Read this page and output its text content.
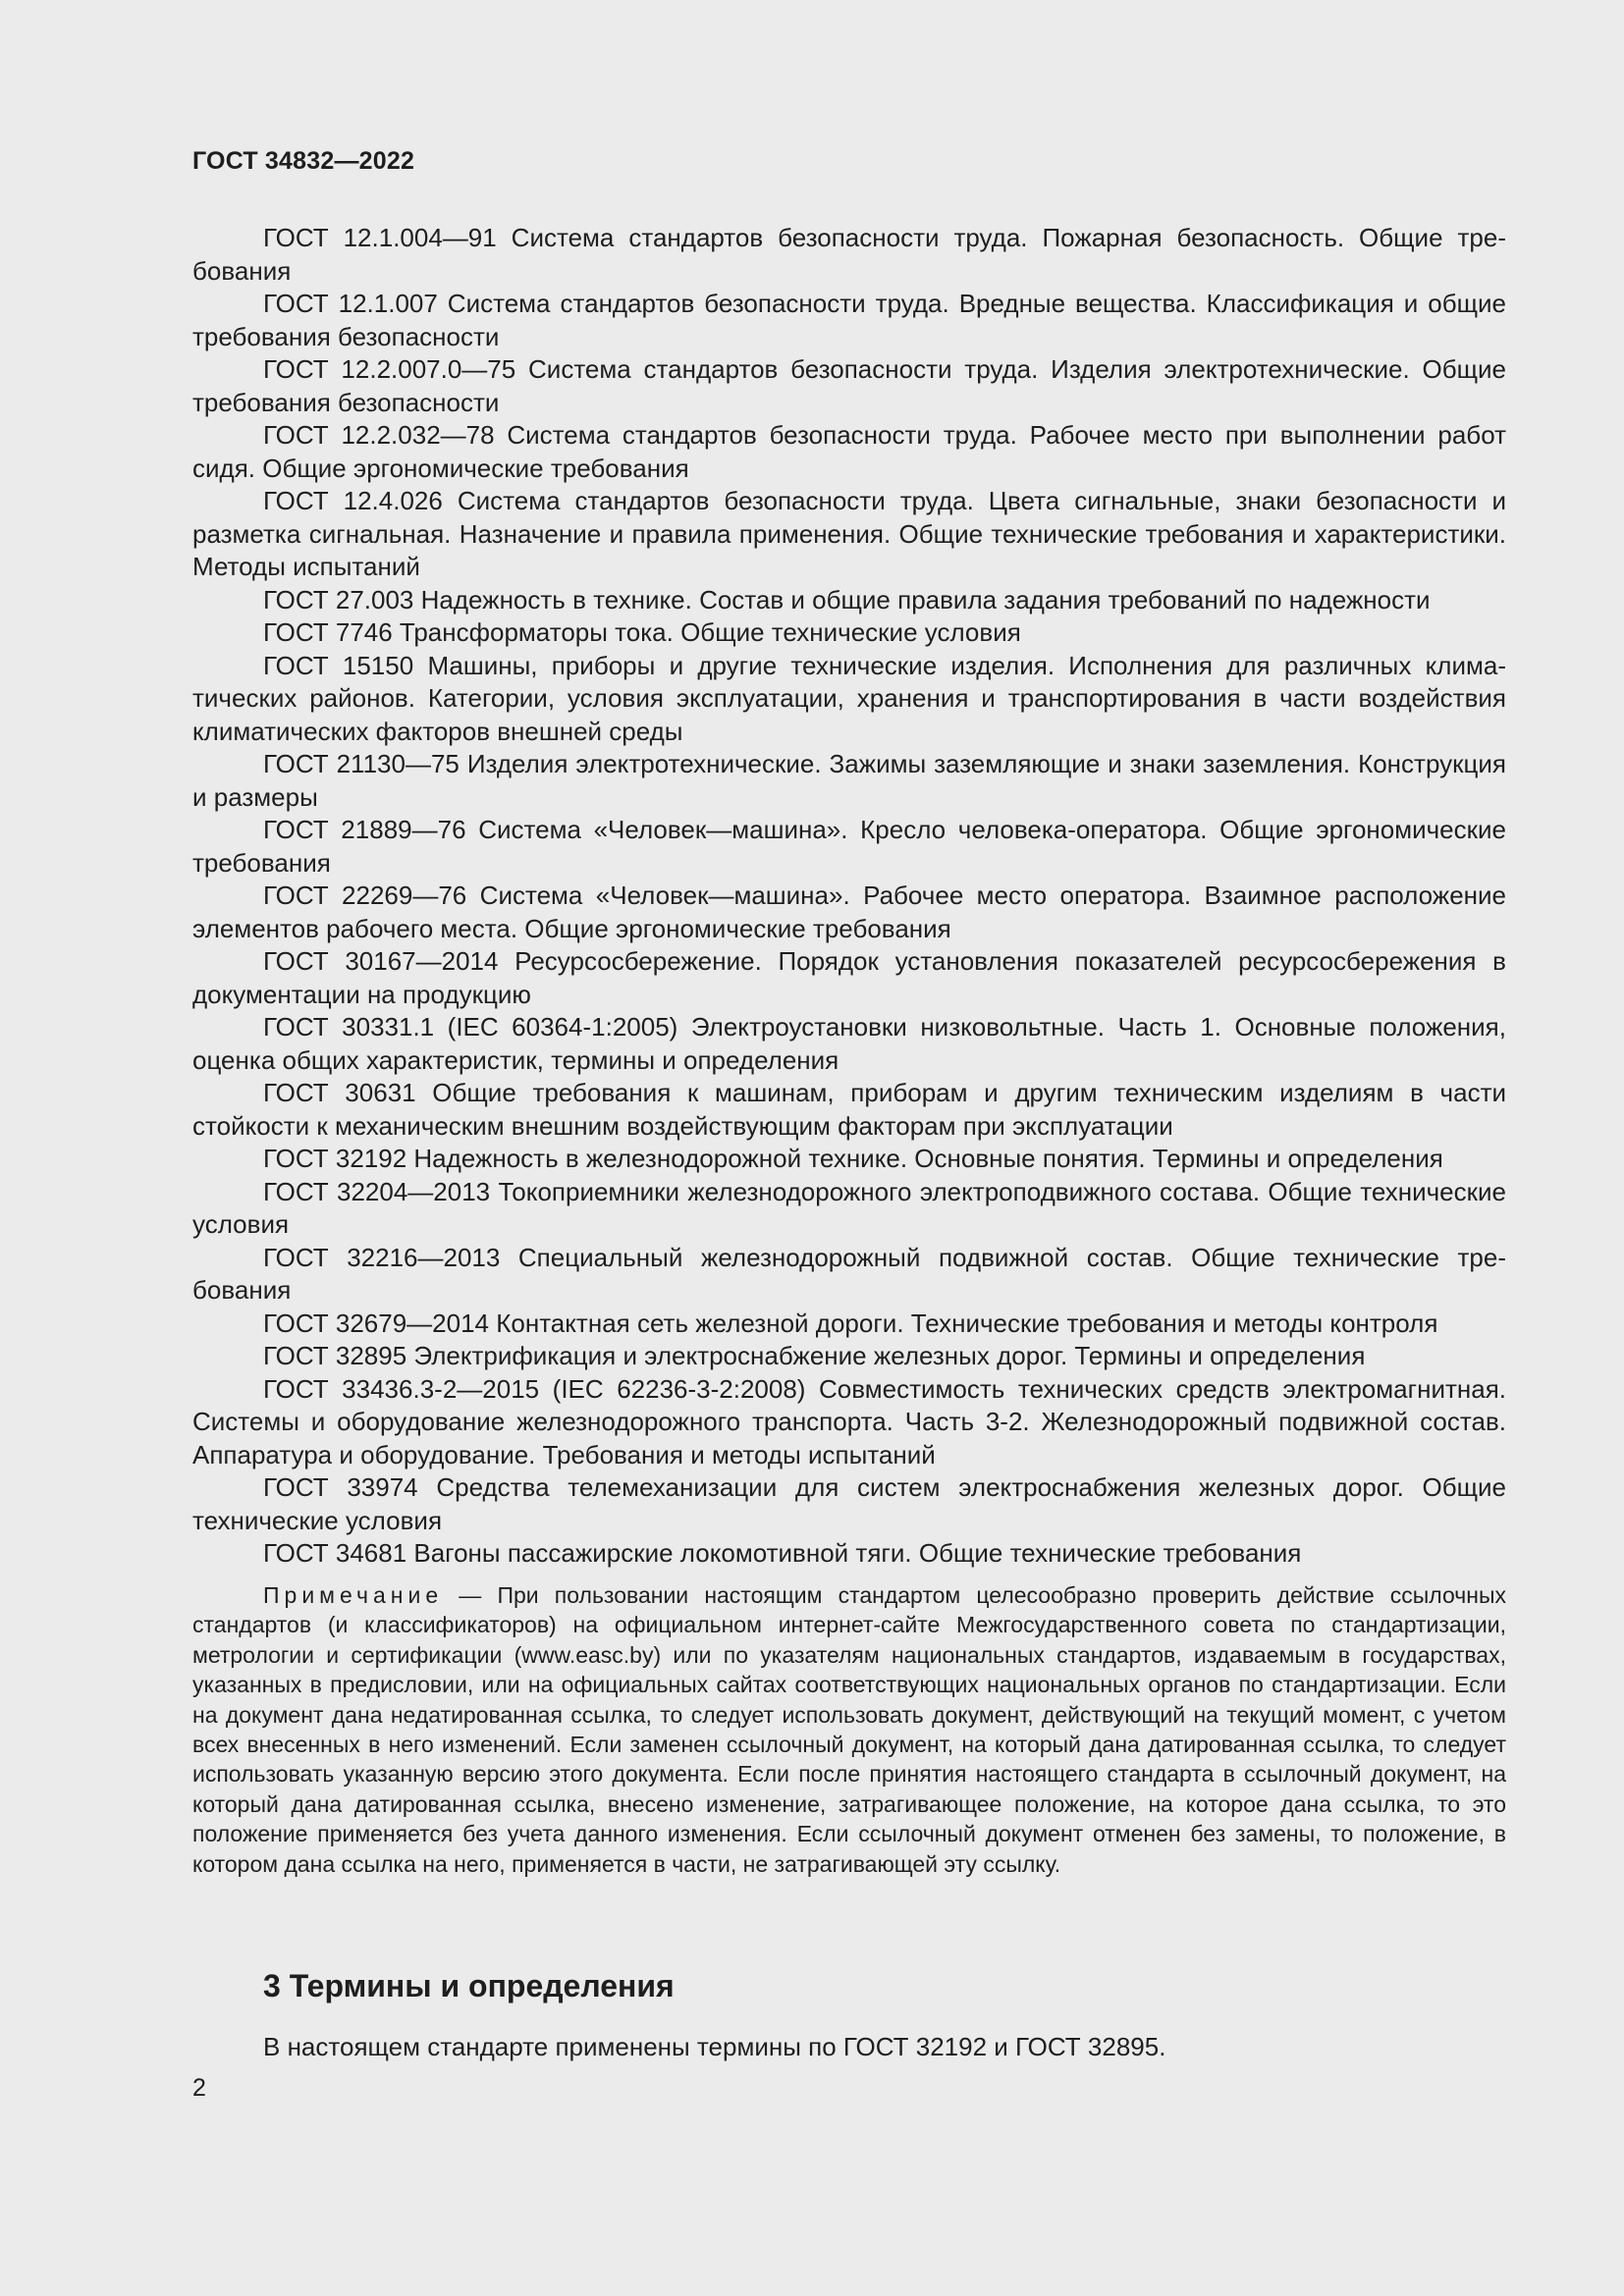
ГОСТ 34832—2022

ГОСТ 12.1.004—91 Система стандартов безопасности труда. Пожарная безопасность. Общие требования

ГОСТ 12.1.007 Система стандартов безопасности труда. Вредные вещества. Классификация и общие требования безопасности

ГОСТ 12.2.007.0—75 Система стандартов безопасности труда. Изделия электротехнические. Общие требования безопасности

ГОСТ 12.2.032—78 Система стандартов безопасности труда. Рабочее место при выполнении работ сидя. Общие эргономические требования

ГОСТ 12.4.026 Система стандартов безопасности труда. Цвета сигнальные, знаки безопасности и разметка сигнальная. Назначение и правила применения. Общие технические требования и характеристики. Методы испытаний

ГОСТ 27.003 Надежность в технике. Состав и общие правила задания требований по надежности

ГОСТ 7746 Трансформаторы тока. Общие технические условия

ГОСТ 15150 Машины, приборы и другие технические изделия. Исполнения для различных климатических районов. Категории, условия эксплуатации, хранения и транспортирования в части воздействия климатических факторов внешней среды

ГОСТ 21130—75 Изделия электротехнические. Зажимы заземляющие и знаки заземления. Конструкция и размеры

ГОСТ 21889—76 Система «Человек—машина». Кресло человека-оператора. Общие эргономические требования

ГОСТ 22269—76 Система «Человек—машина». Рабочее место оператора. Взаимное расположение элементов рабочего места. Общие эргономические требования

ГОСТ 30167—2014 Ресурсосбережение. Порядок установления показателей ресурсосбережения в документации на продукцию

ГОСТ 30331.1 (IEC 60364-1:2005) Электроустановки низковольтные. Часть 1. Основные положения, оценка общих характеристик, термины и определения

ГОСТ 30631 Общие требования к машинам, приборам и другим техническим изделиям в части стойкости к механическим внешним воздействующим факторам при эксплуатации

ГОСТ 32192 Надежность в железнодорожной технике. Основные понятия. Термины и определения

ГОСТ 32204—2013 Токоприемники железнодорожного электроподвижного состава. Общие технические условия

ГОСТ 32216—2013 Специальный железнодорожный подвижной состав. Общие технические требования

ГОСТ 32679—2014 Контактная сеть железной дороги. Технические требования и методы контроля

ГОСТ 32895 Электрификация и электроснабжение железных дорог. Термины и определения

ГОСТ 33436.3-2—2015 (IEC 62236-3-2:2008) Совместимость технических средств электромагнитная. Системы и оборудование железнодорожного транспорта. Часть 3-2. Железнодорожный подвижной состав. Аппаратура и оборудование. Требования и методы испытаний

ГОСТ 33974 Средства телемеханизации для систем электроснабжения железных дорог. Общие технические условия

ГОСТ 34681 Вагоны пассажирские локомотивной тяги. Общие технические требования

Примечание — При пользовании настоящим стандартом целесообразно проверить действие ссылочных стандартов (и классификаторов) на официальном интернет-сайте Межгосударственного совета по стандартизации, метрологии и сертификации (www.easc.by) или по указателям национальных стандартов, издаваемым в государствах, указанных в предисловии, или на официальных сайтах соответствующих национальных органов по стандартизации. Если на документ дана недатированная ссылка, то следует использовать документ, действующий на текущий момент, с учетом всех внесенных в него изменений. Если заменен ссылочный документ, на который дана датированная ссылка, то следует использовать указанную версию этого документа. Если после принятия настоящего стандарта в ссылочный документ, на который дана датированная ссылка, внесено изменение, затрагивающее положение, на которое дана ссылка, то это положение применяется без учета данного изменения. Если ссылочный документ отменен без замены, то положение, в котором дана ссылка на него, применяется в части, не затрагивающей эту ссылку.

3 Термины и определения
В настоящем стандарте применены термины по ГОСТ 32192 и ГОСТ 32895.
2
